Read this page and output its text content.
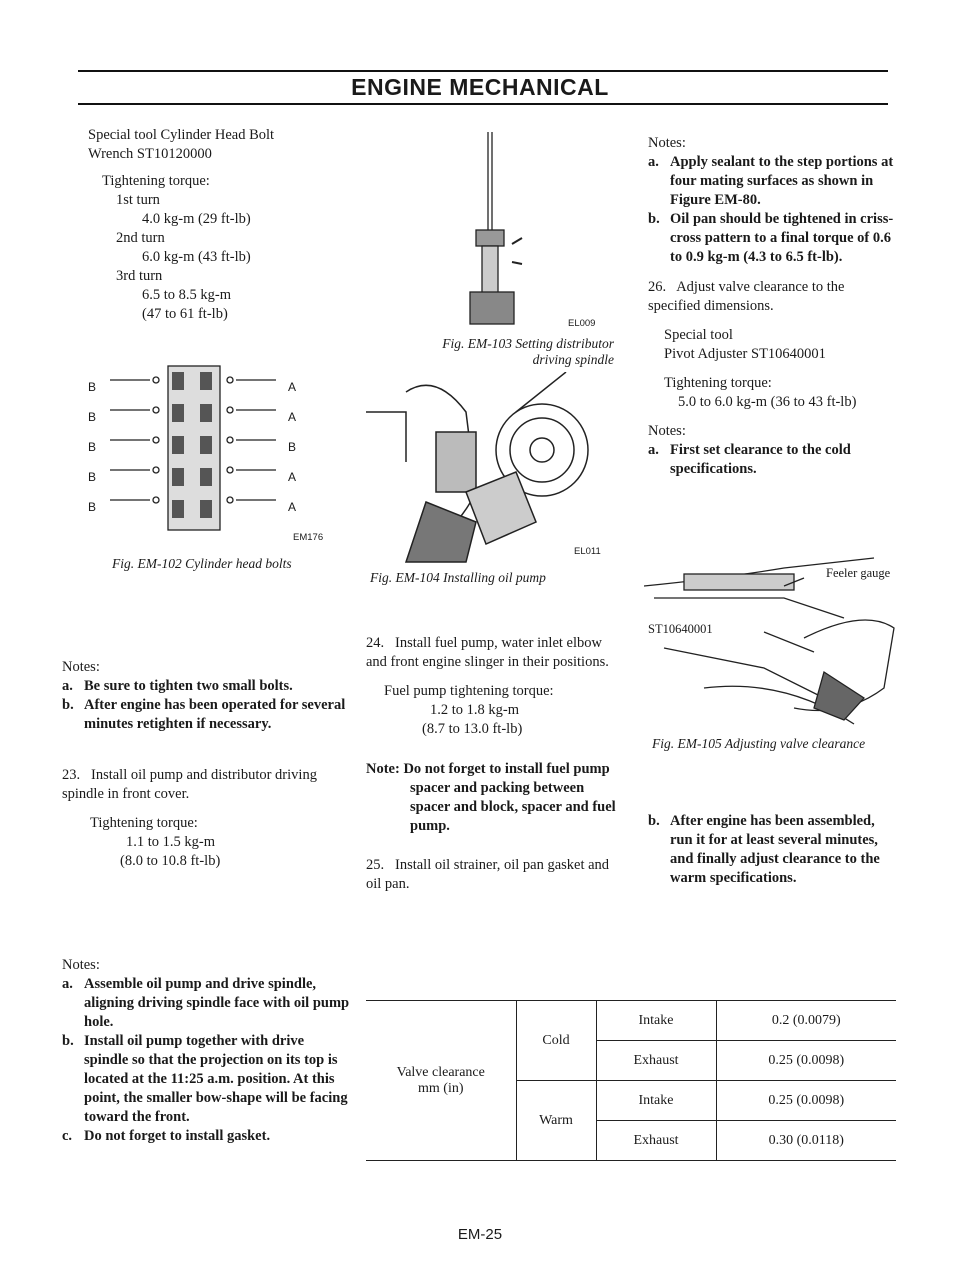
ENGINE MECHANICAL
Special tool Cylinder Head Bolt
Wrench ST10120000
Tightening torque:
1st turn
4.0 kg-m (29 ft-lb)
2nd turn
6.0 kg-m (43 ft-lb)
3rd turn
6.5 to 8.5 kg-m
(47 to 61 ft-lb)
B
B
B
B
B
A
A
B
A
A
EM176
Fig. EM-102 Cylinder head bolts
Notes:
a. Be sure to tighten two small bolts.
b. After engine has been operated for several minutes retighten if necessary.
23. Install oil pump and distributor driving spindle in front cover.
Tightening torque:
1.1 to 1.5 kg-m
(8.0 to 10.8 ft-lb)
Notes:
a. Assemble oil pump and drive spindle, aligning driving spindle face with oil pump hole.
b. Install oil pump together with drive spindle so that the projection on its top is located at the 11:25 a.m. position. At this point, the smaller bow-shape will be facing toward the front.
c. Do not forget to install gasket.
EL009
Fig. EM-103 Setting distributor
driving spindle
EL011
Fig. EM-104 Installing oil pump
24. Install fuel pump, water inlet elbow and front engine slinger in their positions.
Fuel pump tightening torque:
1.2 to 1.8 kg-m
(8.7 to 13.0 ft-lb)
Note: Do not forget to install fuel pump spacer and packing between spacer and block, spacer and fuel pump.
25. Install oil strainer, oil pan gasket and oil pan.
Notes:
a. Apply sealant to the step portions at four mating surfaces as shown in Figure EM-80.
b. Oil pan should be tightened in criss-cross pattern to a final torque of 0.6 to 0.9 kg-m (4.3 to 6.5 ft-lb).
26. Adjust valve clearance to the specified dimensions.
Special tool
Pivot Adjuster ST10640001
Tightening torque:
5.0 to 6.0 kg-m (36 to 43 ft-lb)
Notes:
a. First set clearance to the cold specifications.
Feeler gauge
ST10640001
Fig. EM-105 Adjusting valve clearance
b. After engine has been assembled, run it for at least several minutes, and finally adjust clearance to the warm specifications.
Valve clearance
mm (in)	Cold	Intake	0.2 (0.0079)
		Exhaust	0.25 (0.0098)
	Warm	Intake	0.25 (0.0098)
		Exhaust	0.30 (0.0118)
EM-25
